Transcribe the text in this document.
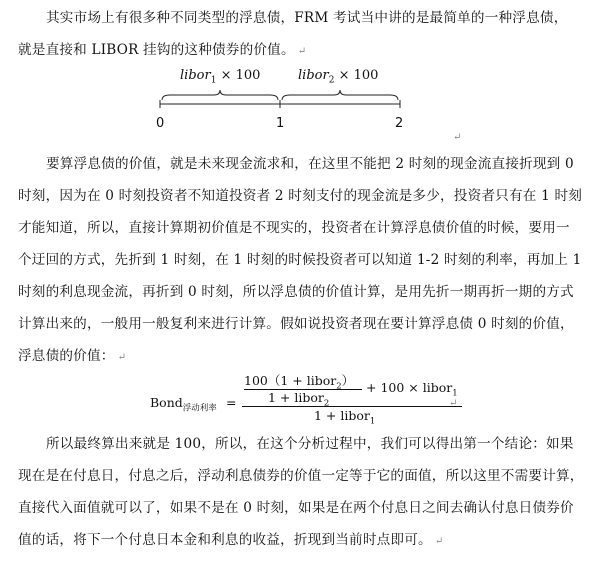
其实市场上有很多种不同类型的浮息债，FRM 考试当中讲的是最简单的一种浮息债，
就是直接和 LIBOR 挂钩的这种债券的价值。 ↵

libor$_1$ × 100	libor$_2$ × 100
0	1	2
↵

要算浮息债的价值，就是未来现金流求和，在这里不能把 2 时刻的现金流直接折现到 0
时刻，因为在 0 时刻投资者不知道投资者 2 时刻支付的现金流是多少，投资者只有在 1 时刻
才能知道，所以，直接计算期初价值是不现实的，投资者在计算浮息债价值的时候，要用一
个迂回的方式，先折到 1 时刻，在 1 时刻的时候投资者可以知道 1-2 时刻的利率，再加上 1
时刻的利息现金流，再折到 0 时刻，所以浮息债的价值计算，是用先折一期再折一期的方式
计算出来的，一般用一般复利来进行计算。假如说投资者现在要计算浮息债 0 时刻的价值，
浮息债的价值： ↵

Bond$_{浮动利率}$ =
100（1 + libor$_2$）
1 + libor$_2$
+ 100 × libor$_1$
1 + libor$_1$
↵

所以最终算出来就是 100，所以，在这个分析过程中，我们可以得出第一个结论：如果
现在是在付息日，付息之后，浮动利息债券的价值一定等于它的面值，所以这里不需要计算，
直接代入面值就可以了，如果不是在 0 时刻，如果是在两个付息日之间去确认付息日债券价
值的话，将下一个付息日本金和利息的收益，折现到当前时点即可。 ↵
